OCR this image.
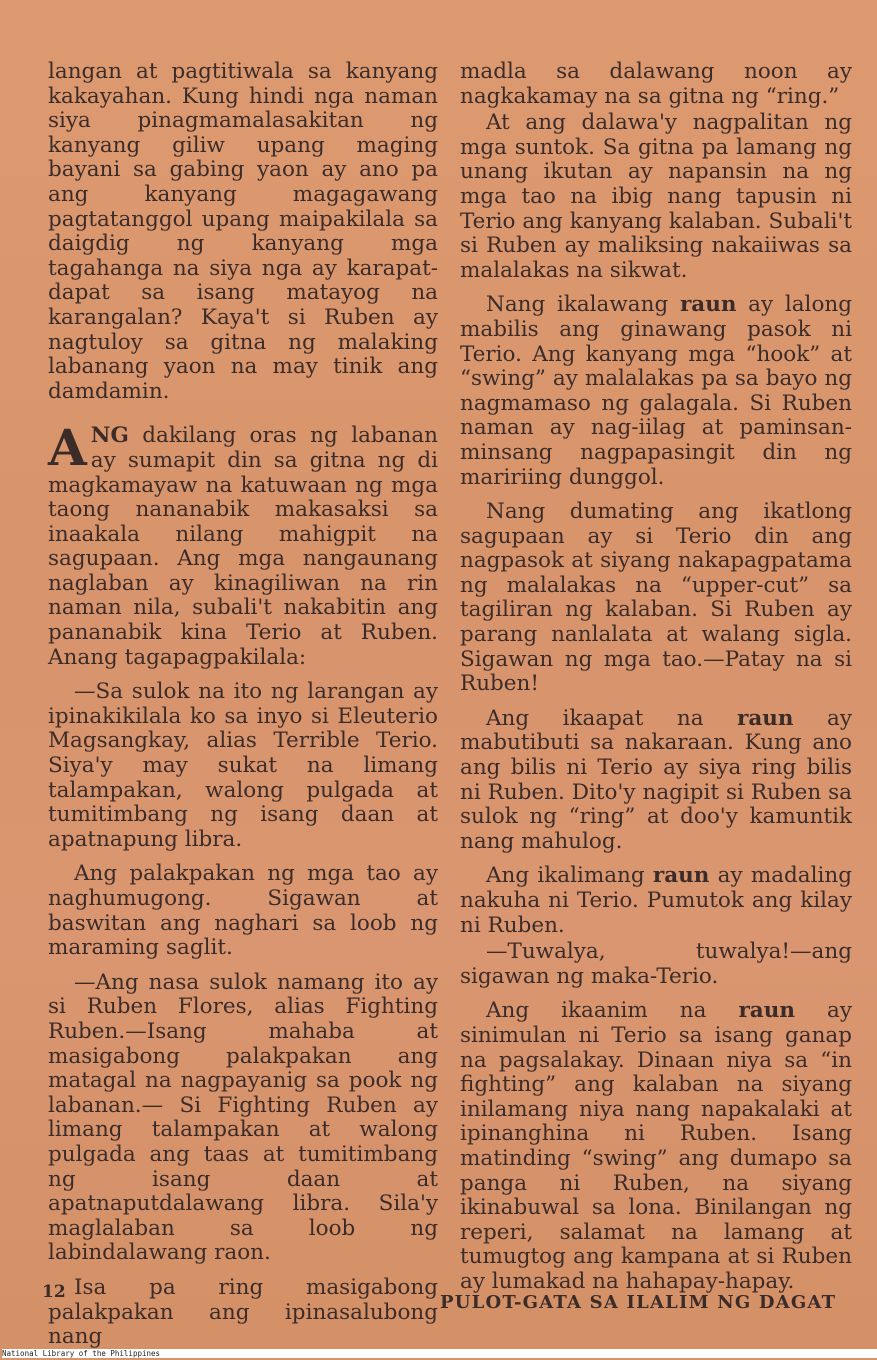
langan at pagtitiwala sa kanyang kakayahan. Kung hindi nga naman siya pinagmamalasakitan ng kanyang giliw upang maging bayani sa gabing yaon ay ano pa ang kanyang magagawang pagtatanggol upang maipakilala sa daigdig ng kanyang mga tagahanga na siya nga ay karapat-dapat sa isang matayog na karangalan? Kaya't si Ruben ay nagtuloy sa gitna ng malaking labanang yaon na may tinik ang damdamin.

ANG dakilang oras ng labanan ay sumapit din sa gitna ng di magkamayaw na katuwaan ng mga taong nananabik makasaksi sa inaakala nilang mahigpit na sagupaan. Ang mga nangaunang naglaban ay kinagiliwan na rin naman nila, subali't nakabitin ang pananabik kina Terio at Ruben. Anang tagapagpakilala:

—Sa sulok na ito ng larangan ay ipinakikilala ko sa inyo si Eleuterio Magsangkay, alias Terrible Terio. Siya'y may sukat na limang talampakan, walong pulgada at tumitimbang ng isang daan at apatnapung libra.

Ang palakpakan ng mga tao ay naghumugong. Sigawan at baswitan ang naghari sa loob ng maraming saglit.

—Ang nasa sulok namang ito ay si Ruben Flores, alias Fighting Ruben.—Isang mahaba at masigabong palakpakan ang matagal na nagpayanig sa pook ng labanan.— Si Fighting Ruben ay limang talampakan at walong pulgada ang taas at tumitimbang ng isang daan at apatnaputdalawang libra. Sila'y maglalaban sa loob ng labindalawang raon.

Isa pa ring masigabong palakpakan ang ipinasalubong nang

madla sa dalawang noon ay nagkakamay na sa gitna ng “ring.”

At ang dalawa'y nagpalitan ng mga suntok. Sa gitna pa lamang ng unang ikutan ay napansin na ng mga tao na ibig nang tapusin ni Terio ang kanyang kalaban. Subali't si Ruben ay maliksing nakaiiwas sa malalakas na sikwat.

Nang ikalawang raun ay lalong mabilis ang ginawang pasok ni Terio. Ang kanyang mga “hook” at “swing” ay malalakas pa sa bayo ng nagmamaso ng galagala. Si Ruben naman ay nag-iilag at paminsan-minsang nagpapasingit din ng maririing dunggol.

Nang dumating ang ikatlong sagupaan ay si Terio din ang nagpasok at siyang nakapagpatama ng malalakas na “upper-cut” sa tagiliran ng kalaban. Si Ruben ay parang nanlalata at walang sigla. Sigawan ng mga tao.—Patay na si Ruben!

Ang ikaapat na raun ay mabutibuti sa nakaraan. Kung ano ang bilis ni Terio ay siya ring bilis ni Ruben. Dito'y nagipit si Ruben sa sulok ng “ring” at doo'y kamuntik nang mahulog.

Ang ikalimang raun ay madaling nakuha ni Terio. Pumutok ang kilay ni Ruben.

—Tuwalya, tuwalya!—ang sigawan ng maka-Terio.

Ang ikaanim na raun ay sinimulan ni Terio sa isang ganap na pagsalakay. Dinaan niya sa “in fighting” ang kalaban na siyang inilamang niya nang napakalaki at ipinanghina ni Ruben. Isang matinding “swing” ang dumapo sa panga ni Ruben, na siyang ikinabuwal sa lona. Binilangan ng reperi, salamat na lamang at tumugtog ang kampana at si Ruben ay lumakad na hahapay-hapay.

12	PULOT-GATA SA ILALIM NG DAGAT
National Library of the Philippines
